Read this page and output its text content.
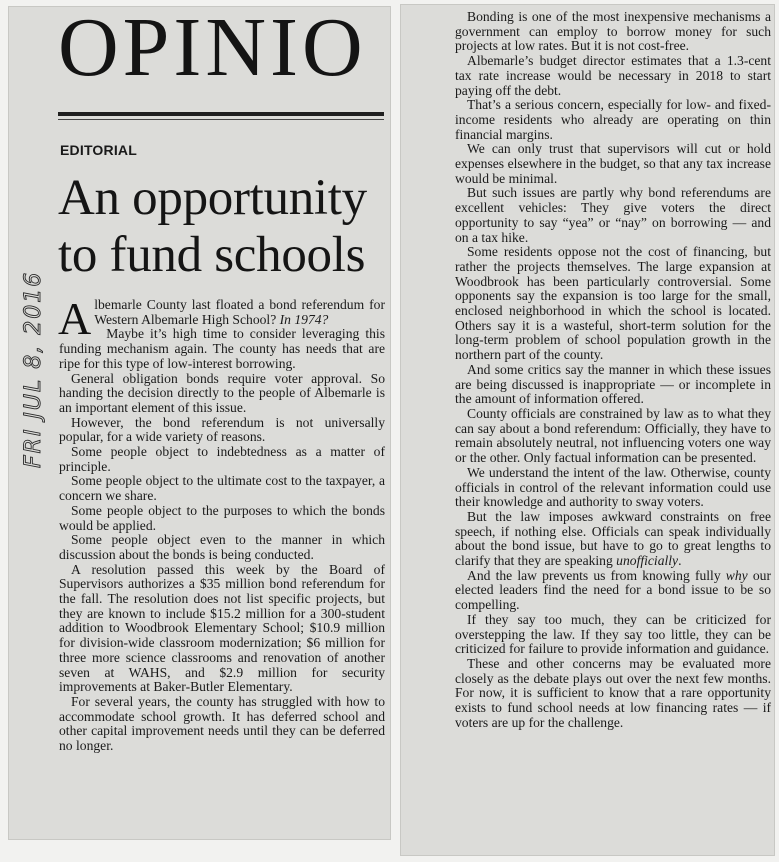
OPINIO
EDITORIAL
An opportunity to fund schools
FRI JUL 8, 2016 Albemarle County last floated a bond referendum for Western Albemarle High School? In 1974?

Maybe it’s high time to consider leveraging this funding mechanism again. The county has needs that are ripe for this type of low-interest borrowing.

General obligation bonds require voter approval. So handing the decision directly to the people of Albemarle is an important element of this issue.

However, the bond referendum is not universally popular, for a wide variety of reasons.

Some people object to indebtedness as a matter of principle.

Some people object to the ultimate cost to the taxpayer, a concern we share.

Some people object to the purposes to which the bonds would be applied.

Some people object even to the manner in which discussion about the bonds is being conducted.

A resolution passed this week by the Board of Supervisors authorizes a $35 million bond referendum for the fall. The resolution does not list specific projects, but they are known to include $15.2 million for a 300-student addition to Woodbrook Elementary School; $10.9 million for division-wide classroom modernization; $6 million for three more science classrooms and renovation of another seven at WAHS, and $2.9 million for security improvements at Baker-Butler Elementary.

For several years, the county has struggled with how to accommodate school growth. It has deferred school and other capital improvement needs until they can be deferred no longer.

Bonding is one of the most inexpensive mechanisms a government can employ to borrow money for such projects at low rates. But it is not cost-free.

Albemarle’s budget director estimates that a 1.3-cent tax rate increase would be necessary in 2018 to start paying off the debt.

That’s a serious concern, especially for low- and fixed-income residents who already are operating on thin financial margins.

We can only trust that supervisors will cut or hold expenses elsewhere in the budget, so that any tax increase would be minimal.

But such issues are partly why bond referendums are excellent vehicles: They give voters the direct opportunity to say “yea” or “nay” on borrowing — and on a tax hike.

Some residents oppose not the cost of financing, but rather the projects themselves. The large expansion at Woodbrook has been particularly controversial. Some opponents say the expansion is too large for the small, enclosed neighborhood in which the school is located. Others say it is a wasteful, short-term solution for the long-term problem of school population growth in the northern part of the county.

And some critics say the manner in which these issues are being discussed is inappropriate — or incomplete in the amount of information offered.

County officials are constrained by law as to what they can say about a bond referendum: Officially, they have to remain absolutely neutral, not influencing voters one way or the other. Only factual information can be presented.

We understand the intent of the law. Otherwise, county officials in control of the relevant information could use their knowledge and authority to sway voters.

But the law imposes awkward constraints on free speech, if nothing else. Officials can speak individually about the bond issue, but have to go to great lengths to clarify that they are speaking unofficially.

And the law prevents us from knowing fully why our elected leaders find the need for a bond issue to be so compelling.

If they say too much, they can be criticized for overstepping the law. If they say too little, they can be criticized for failure to provide information and guidance.

These and other concerns may be evaluated more closely as the debate plays out over the next few months. For now, it is sufficient to know that a rare opportunity exists to fund school needs at low financing rates — if voters are up for the challenge.
